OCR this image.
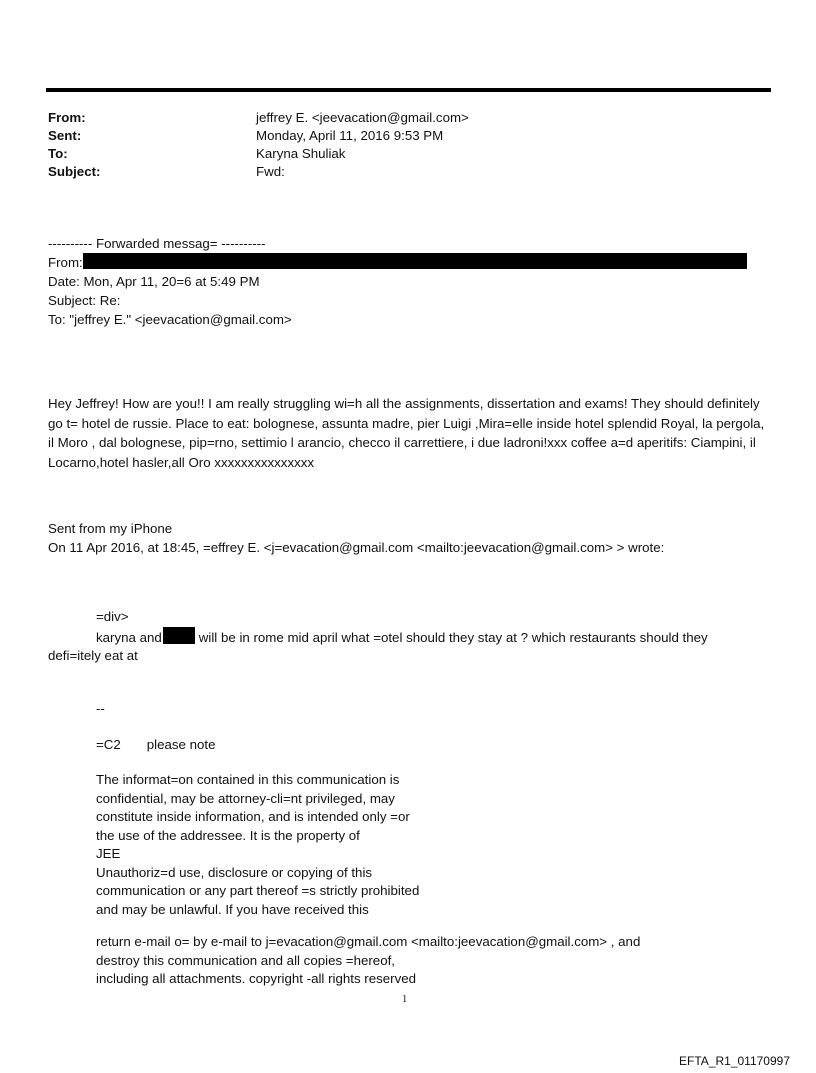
From:	jeffrey E. <jeevacation@gmail.com>
Sent:	Monday, April 11, 2016 9:53 PM
To:	Karyna Shuliak
Subject:	Fwd:
---------- Forwarded messag= ----------
From:
Date: Mon, Apr 11, 20=6 at 5:49 PM
Subject: Re:
To: "jeffrey E." <jeevacation@gmail.com>
Hey Jeffrey! How are you!! I am really struggling wi=h all the assignments, dissertation and exams! They should definitely go t= hotel de russie. Place to eat: bolognese, assunta madre, pier Luigi ,Mira=elle inside hotel splendid Royal, la pergola, il Moro , dal bolognese, pip=rno, settimio l arancio, checco il carrettiere, i due ladroni!xxx coffee a=d aperitifs: Ciampini, il Locarno,hotel hasler,all Oro xxxxxxxxxxxxxxx
Sent from my iPhone
On 11 Apr 2016, at 18:45, =effrey E. <j=evacation@gmail.com <mailto:jeevacation@gmail.com> > wrote:
=div>
karyna and	will be in rome mid april what =otel should they stay at ? which restaurants should they
defi=itely eat at
--
=C2 please note
The informat=on contained in this communication is
confidential, may be attorney-cli=nt privileged, may
constitute inside information, and is intended only =or
the use of the addressee. It is the property of
JEE
Unauthoriz=d use, disclosure or copying of this
communication or any part thereof =s strictly prohibited
and may be unlawful. If you have received this
return e-mail o= by e-mail to j=evacation@gmail.com <mailto:jeevacation@gmail.com> , and
destroy this communication and all copies =hereof,
including all attachments. copyright -all rights reserved
1
EFTA_R1_01170997
